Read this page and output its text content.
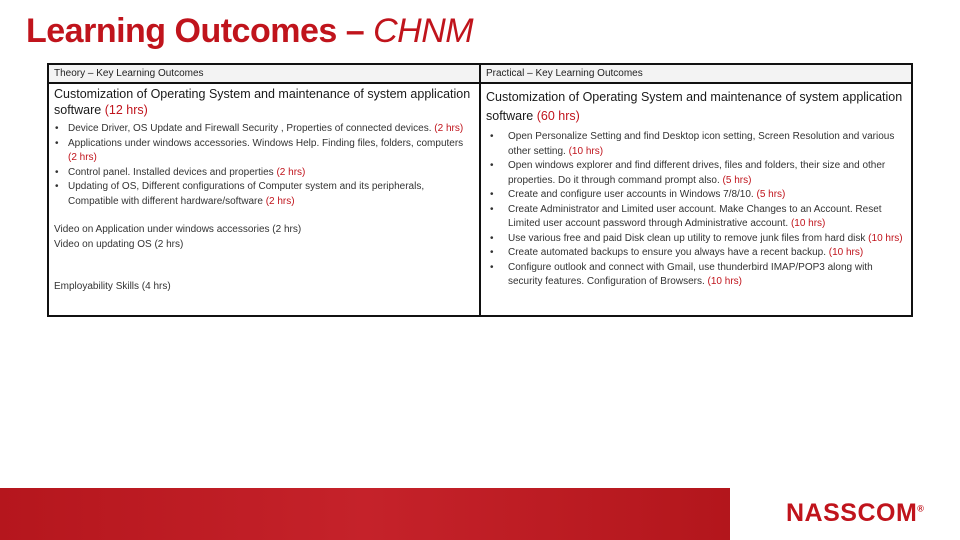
Learning Outcomes – CHNM
Theory – Key Learning Outcomes

Customization of Operating System and maintenance of system application software (12 hrs)

• Device Driver, OS Update and Firewall Security , Properties of connected devices. (2 hrs)
• Applications under windows accessories. Windows Help. Finding files, folders, computers (2 hrs)
• Control panel. Installed devices and properties (2 hrs)
• Updating of OS, Different configurations of Computer system and its peripherals, Compatible with different hardware/software (2 hrs)

Video on Application under windows accessories (2 hrs)

Video on updating OS (2 hrs)

Employability Skills (4 hrs)

Practical – Key Learning Outcomes

Customization of Operating System and maintenance of system application software (60 hrs)

• Open Personalize Setting and find Desktop icon setting, Screen Resolution and various other setting. (10 hrs)
• Open windows explorer and find different drives, files and folders, their size and other properties. Do it through command prompt also. (5 hrs)
• Create and configure user accounts in Windows 7/8/10. (5 hrs)
• Create Administrator and Limited user account. Make Changes to an Account. Reset Limited user account password through Administrative account. (10 hrs)
• Use various free and paid Disk clean up utility to remove junk files from hard disk (10 hrs)
• Create automated backups to ensure you always have a recent backup. (10 hrs)
• Configure outlook and connect with Gmail, use thunderbird IMAP/POP3 along with security features. Configuration of Browsers. (10 hrs)
NASSCOM®
